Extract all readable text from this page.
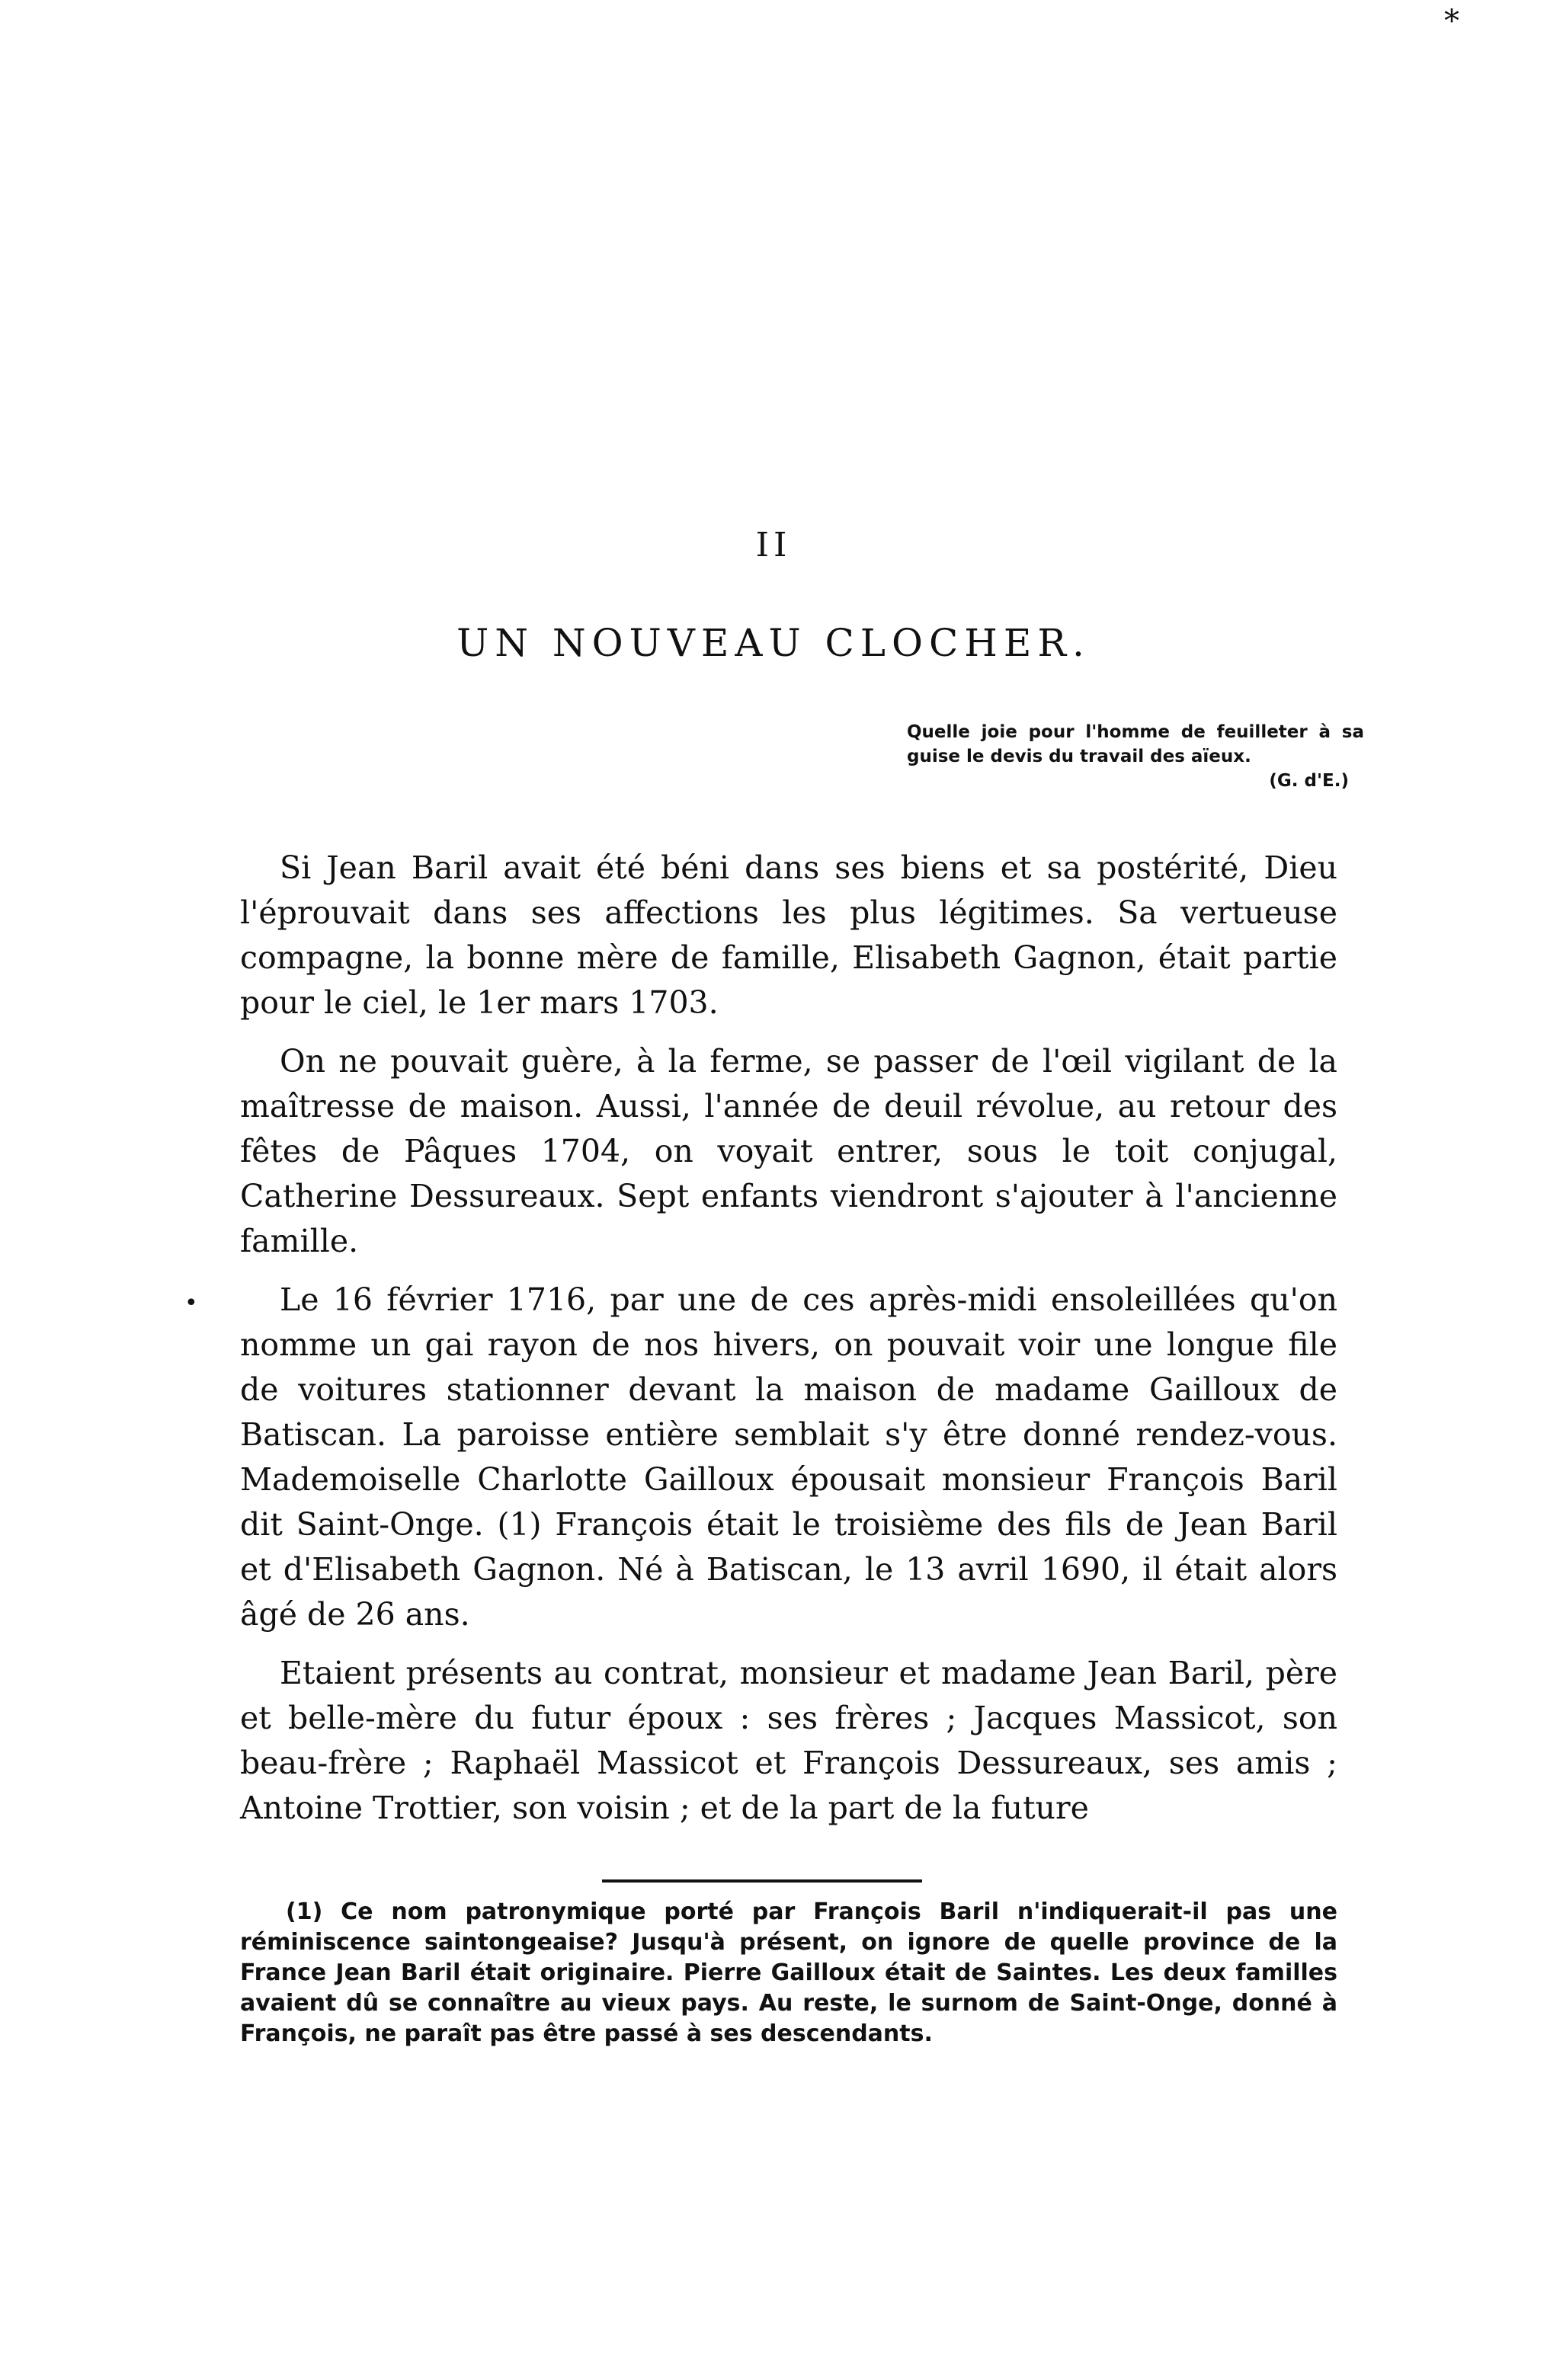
*
II
UN NOUVEAU CLOCHER.
Quelle joie pour l'homme de feuilleter à sa guise le devis du travail des aïeux.
(G. d'E.)

Si Jean Baril avait été béni dans ses biens et sa postérité, Dieu l'éprouvait dans ses affections les plus légitimes. Sa vertueuse compagne, la bonne mère de famille, Elisabeth Gagnon, était partie pour le ciel, le 1er mars 1703.

On ne pouvait guère, à la ferme, se passer de l'œil vigilant de la maîtresse de maison. Aussi, l'année de deuil révolue, au retour des fêtes de Pâques 1704, on voyait entrer, sous le toit conjugal, Catherine Dessureaux. Sept enfants viendront s'ajouter à l'ancienne famille.

Le 16 février 1716, par une de ces après-midi ensoleillées qu'on nomme un gai rayon de nos hivers, on pouvait voir une longue file de voitures stationner devant la maison de madame Gailloux de Batiscan. La paroisse entière semblait s'y être donné rendez-vous. Mademoiselle Charlotte Gailloux épousait monsieur François Baril dit Saint-Onge. (1) François était le troisième des fils de Jean Baril et d'Elisabeth Gagnon. Né à Batiscan, le 13 avril 1690, il était alors âgé de 26 ans.

Etaient présents au contrat, monsieur et madame Jean Baril, père et belle-mère du futur époux : ses frères ; Jacques Massicot, son beau-frère ; Raphaël Massicot et François Dessureaux, ses amis ; Antoine Trottier, son voisin ; et de la part de la future

•

(1) Ce nom patronymique porté par François Baril n'indiquerait-il pas une réminiscence saintongeaise? Jusqu'à présent, on ignore de quelle province de la France Jean Baril était originaire. Pierre Gailloux était de Saintes. Les deux familles avaient dû se connaître au vieux pays. Au reste, le surnom de Saint-Onge, donné à François, ne paraît pas être passé à ses descendants.
